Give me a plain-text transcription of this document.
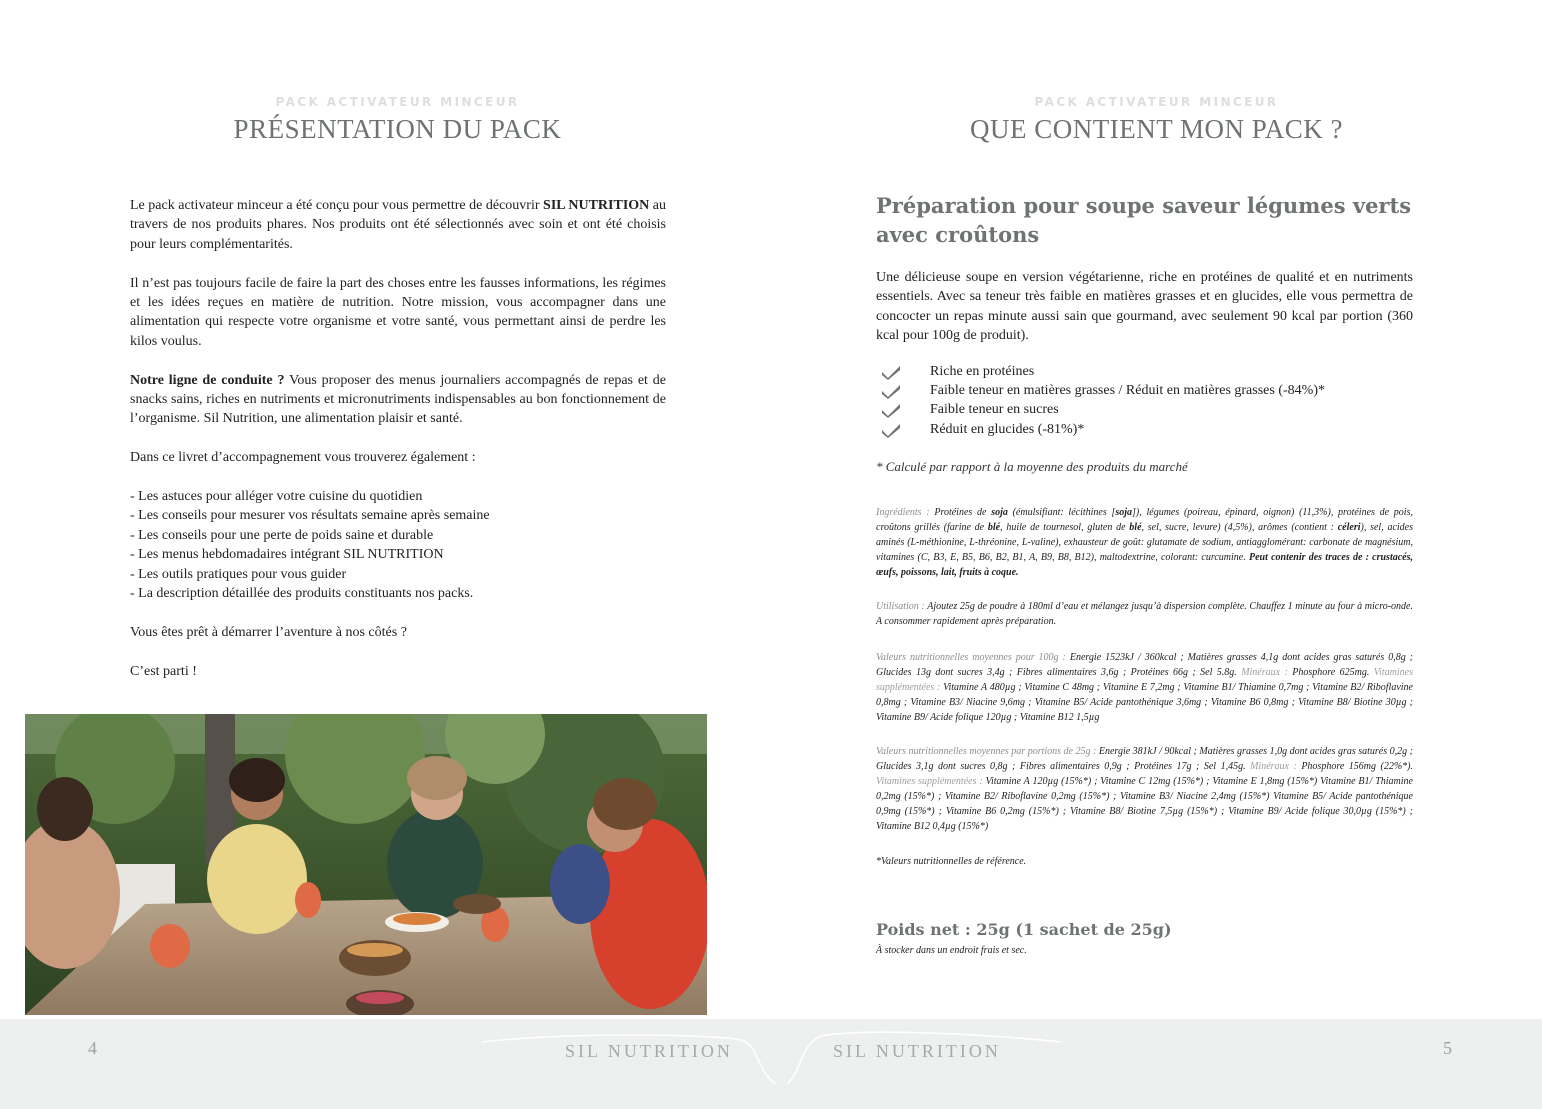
PACK ACTIVATEUR MINCEUR
PRÉSENTATION DU PACK

Le pack activateur minceur a été conçu pour vous permettre de découvrir SIL NUTRITION au travers de nos produits phares. Nos produits ont été sélectionnés avec soin et ont été choisis pour leurs complémentarités.

Il n’est pas toujours facile de faire la part des choses entre les fausses informations, les régimes et les idées reçues en matière de nutrition. Notre mission, vous accompagner dans une alimentation qui respecte votre organisme et votre santé, vous permettant ainsi de perdre les kilos voulus.

Notre ligne de conduite ? Vous proposer des menus journaliers accompagnés de repas et de snacks sains, riches en nutriments et micronutriments indispensables au bon fonctionnement de l’organisme. Sil Nutrition, une alimentation plaisir et santé.

Dans ce livret d’accompagnement vous trouverez également :

- Les astuces pour alléger votre cuisine du quotidien
- Les conseils pour mesurer vos résultats semaine après semaine
- Les conseils pour une perte de poids saine et durable
- Les menus hebdomadaires intégrant SIL NUTRITION
- Les outils pratiques pour vous guider
- La description détaillée des produits constituants nos packs.

Vous êtes prêt à démarrer l’aventure à nos côtés ?

C’est parti !

PACK ACTIVATEUR MINCEUR
QUE CONTIENT MON PACK ?
Préparation pour soupe saveur légumes verts
avec croûtons

Une délicieuse soupe en version végétarienne, riche en protéines de qualité et en nutriments essentiels. Avec sa teneur très faible en matières grasses et en glucides, elle vous permettra de concocter un repas minute aussi sain que gourmand, avec seulement 90 kcal par portion (360 kcal pour 100g de produit).

Riche en protéines
Faible teneur en matières grasses / Réduit en matières grasses (-84%)*
Faible teneur en sucres
Réduit en glucides (-81%)*
* Calculé par rapport à la moyenne des produits du marché

Ingrédients : Protéines de soja (émulsifiant: lécithines [soja]), légumes (poireau, épinard, oignon) (11,3%), protéines de pois, croûtons grillés (farine de blé, huile de tournesol, gluten de blé, sel, sucre, levure) (4,5%), arômes (contient : céleri), sel, acides aminés (L-méthionine, L-thréonine, L-valine), exhausteur de goût: glutamate de sodium, antiagglomérant: carbonate de magnésium, vitamines (C, B3, E, B5, B6, B2, B1, A, B9, B8, B12), maltodextrine, colorant: curcumine. Peut contenir des traces de : crustacés, œufs, poissons, lait, fruits à coque.

Utilisation : Ajoutez 25g de poudre à 180ml d’eau et mélangez jusqu’à dispersion complète. Chauffez 1 minute au four à micro-onde. A consommer rapidement après préparation.

Valeurs nutritionnelles moyennes pour 100g : Energie 1523kJ / 360kcal ; Matières grasses 4,1g dont acides gras saturés 0,8g ; Glucides 13g dont sucres 3,4g ; Fibres alimentaires 3,6g ; Protéines 66g ; Sel 5.8g. Minéraux : Phosphore 625mg. Vitamines supplémentées : Vitamine A 480µg ; Vitamine C 48mg ; Vitamine E 7,2mg ; Vitamine B1/ Thiamine 0,7mg ; Vitamine B2/ Riboflavine 0,8mg ; Vitamine B3/ Niacine 9,6mg ; Vitamine B5/ Acide pantothénique 3,6mg ; Vitamine B6 0,8mg ; Vitamine B8/ Biotine 30µg ; Vitamine B9/ Acide folique 120µg ; Vitamine B12 1,5µg

Valeurs nutritionnelles moyennes par portions de 25g : Energie 381kJ / 90kcal ; Matières grasses 1,0g dont acides gras saturés 0,2g ; Glucides 3,1g dont sucres 0,8g ; Fibres alimentaires 0,9g ; Protéines 17g ; Sel 1,45g. Minéraux : Phosphore 156mg (22%*). Vitamines supplémentées : Vitamine A 120µg (15%*) ; Vitamine C 12mg (15%*) ; Vitamine E 1,8mg (15%*) Vitamine B1/ Thiamine 0,2mg (15%*) ; Vitamine B2/ Riboflavine 0,2mg (15%*) ; Vitamine B3/ Niacine 2,4mg (15%*) Vitamine B5/ Acide pantothénique 0,9mg (15%*) ; Vitamine B6 0,2mg (15%*) ; Vitamine B8/ Biotine 7,5µg (15%*) ; Vitamine B9/ Acide folique 30,0µg (15%*) ; Vitamine B12 0,4µg (15%*)

*Valeurs nutritionnelles de référence.

Poids net : 25g (1 sachet de 25g)
À stocker dans un endroit frais et sec.
4	SIL NUTRITION	SIL NUTRITION	5
